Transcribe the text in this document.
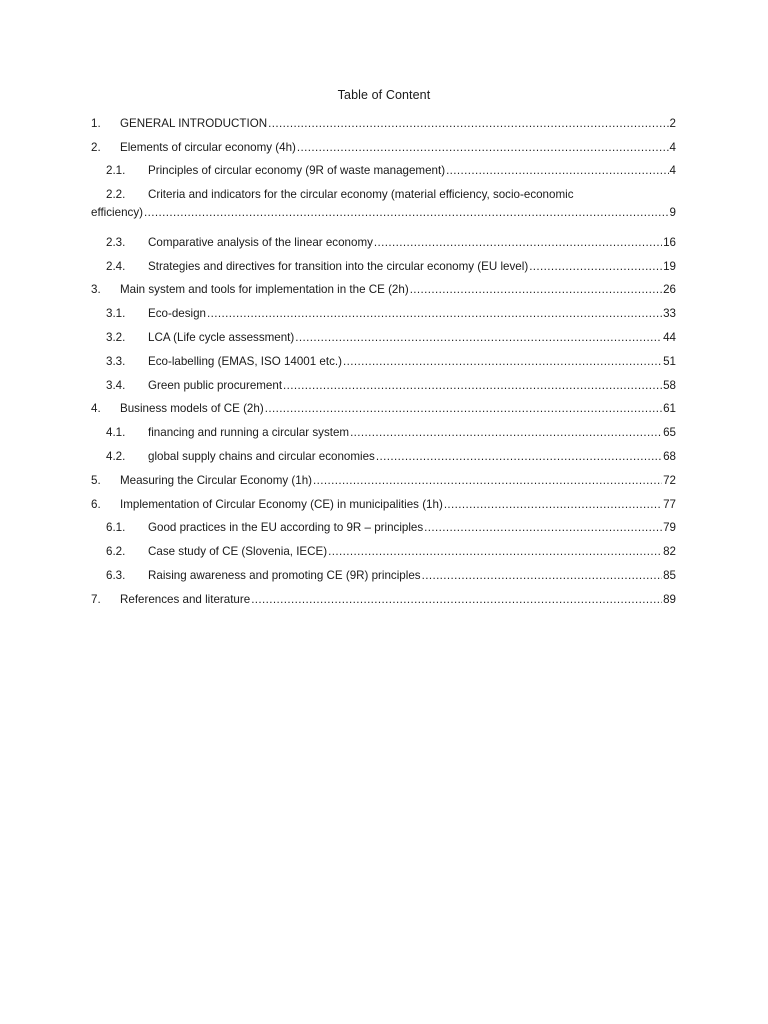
Table of Content
1.	GENERAL INTRODUCTION .....	2
2.	Elements of circular economy (4h) .....	4
2.1.	Principles of circular economy (9R of waste management) .....	4
2.2.	Criteria and indicators for the circular economy (material efficiency, socio-economic
efficiency) .....	9
2.3.	Comparative analysis of the linear economy .....	16
2.4.	Strategies and directives for transition into the circular economy (EU level) .....	19
3.	Main system and tools for implementation in the CE (2h) .....	26
3.1.	Eco-design .....	33
3.2.	LCA (Life cycle assessment) .....	44
3.3.	Eco-labelling (EMAS, ISO 14001 etc.) .....	51
3.4.	Green public procurement .....	58
4.	Business models of CE (2h) .....	61
4.1.	financing and running a circular system .....	65
4.2.	global supply chains and circular economies .....	68
5.	Measuring the Circular Economy (1h) .....	72
6.	Implementation of Circular Economy (CE) in municipalities (1h) .....	77
6.1.	Good practices in the EU according to 9R – principles .....	79
6.2.	Case study of CE (Slovenia, IECE) .....	82
6.3.	Raising awareness and promoting CE (9R) principles .....	85
7.	References and literature .....	89
